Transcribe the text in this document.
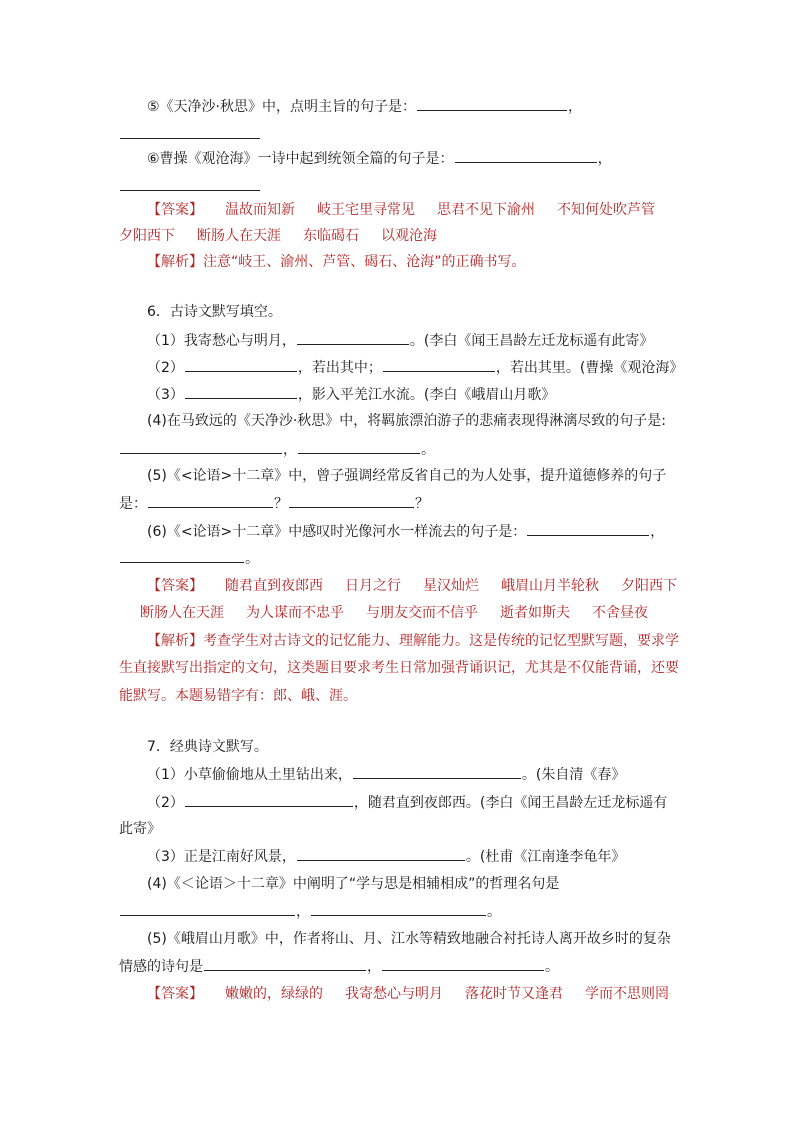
⑤《天净沙·秋思》中，点明主旨的句子是：	，
⑥曹操《观沧海》一诗中起到统领全篇的句子是：	，
【答案】 温故而知新 岐王宅里寻常见 思君不见下渝州 不知何处吹芦管
夕阳西下 断肠人在天涯 东临碣石 以观沧海
【解析】注意“岐王、渝州、芦管、碣石、沧海”的正确书写。
6．古诗文默写填空。
（1）我寄愁心与明月，	。(李白《闻王昌龄左迁龙标遥有此寄》
（2）	，若出其中；	，若出其里。(曹操《观沧海》
（3）	，影入平羌江水流。(李白《峨眉山月歌》
(4)在马致远的《天净沙·秋思》中，将羁旅漂泊游子的悲痛表现得淋漓尽致的句子是:
，	。
(5)《<论语>十二章》中，曾子强调经常反省自己的为人处事，提升道德修养的句子
是：	？	？
(6)《<论语>十二章》中感叹时光像河水一样流去的句子是：	，
。
【答案】 随君直到夜郎西 日月之行 星汉灿烂 峨眉山月半轮秋 夕阳西下
断肠人在天涯 为人谋而不忠乎 与朋友交而不信乎 逝者如斯夫 不舍昼夜
【解析】考查学生对古诗文的记忆能力、理解能力。这是传统的记忆型默写题，要求学
生直接默写出指定的文句，这类题目要求考生日常加强背诵识记，尤其是不仅能背诵，还要
能默写。本题易错字有：郎、峨、涯。
7．经典诗文默写。
（1）小草偷偷地从土里钻出来，	。(朱自清《春》
（2）	，随君直到夜郎西。(李白《闻王昌龄左迁龙标遥有
此寄》
（3）正是江南好风景，	。(杜甫《江南逢李龟年》
(4)《＜论语＞十二章》中阐明了“学与思是相辅相成”的哲理名句是
，	。
(5)《峨眉山月歌》中，作者将山、月、江水等精致地融合衬托诗人离开故乡时的复杂
情感的诗句是	，	。
【答案】 嫩嫩的，绿绿的 我寄愁心与明月 落花时节又逢君 学而不思则罔
